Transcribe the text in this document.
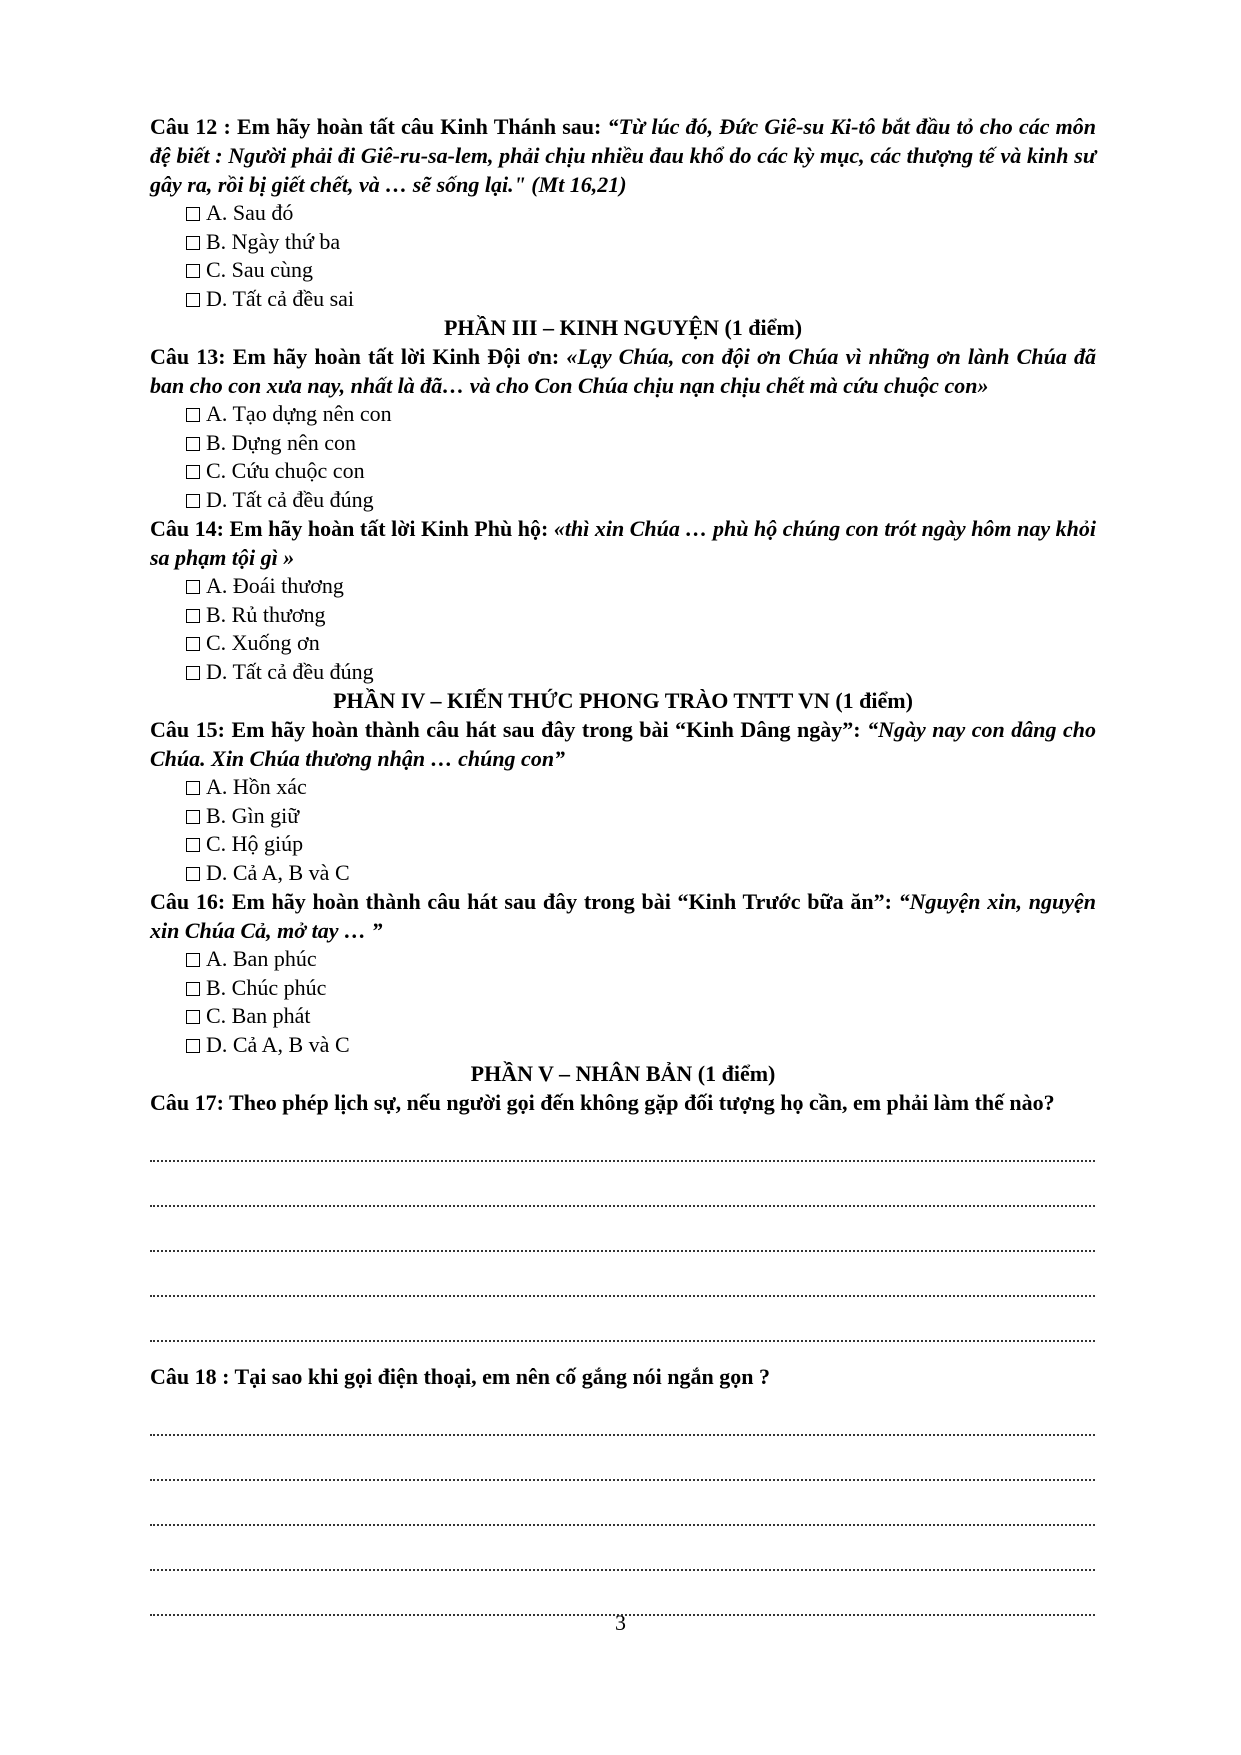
Câu 12 : Em hãy hoàn tất câu Kinh Thánh sau: “Từ lúc đó, Đức Giê-su Ki-tô bắt đầu tỏ cho các môn đệ biết : Người phải đi Giê-ru-sa-lem, phải chịu nhiều đau khổ do các kỳ mục, các thượng tế và kinh sư gây ra, rồi bị giết chết, và … sẽ sống lại." (Mt 16,21)

A. Sau đó
B. Ngày thứ ba
C. Sau cùng
D. Tất cả đều sai

PHẦN III – KINH NGUYỆN (1 điểm)

Câu 13: Em hãy hoàn tất lời Kinh Đội ơn: «Lạy Chúa, con đội ơn Chúa vì những ơn lành Chúa đã ban cho con xưa nay, nhất là đã… và cho Con Chúa chịu nạn chịu chết mà cứu chuộc con»

A. Tạo dựng nên con
B. Dựng nên con
C. Cứu chuộc con
D. Tất cả đều đúng

Câu 14: Em hãy hoàn tất lời Kinh Phù hộ: «thì xin Chúa … phù hộ chúng con trót ngày hôm nay khỏi sa phạm tội gì »

A. Đoái thương
B. Rủ thương
C. Xuống ơn
D. Tất cả đều đúng

PHẦN IV – KIẾN THỨC PHONG TRÀO TNTT VN (1 điểm)

Câu 15: Em hãy hoàn thành câu hát sau đây trong bài “Kinh Dâng ngày”: “Ngày nay con dâng cho Chúa. Xin Chúa thương nhận … chúng con”

A. Hồn xác
B. Gìn giữ
C. Hộ giúp
D. Cả A, B và C

Câu 16: Em hãy hoàn thành câu hát sau đây trong bài “Kinh Trước bữa ăn”: “Nguyện xin, nguyện xin Chúa Cả, mở tay … ”

A. Ban phúc
B. Chúc phúc
C. Ban phát
D. Cả A, B và C

PHẦN V – NHÂN BẢN (1 điểm)

Câu 17: Theo phép lịch sự, nếu người gọi đến không gặp đối tượng họ cần, em phải làm thế nào?

Câu 18 : Tại sao khi gọi điện thoại, em nên cố gắng nói ngắn gọn ?

3
